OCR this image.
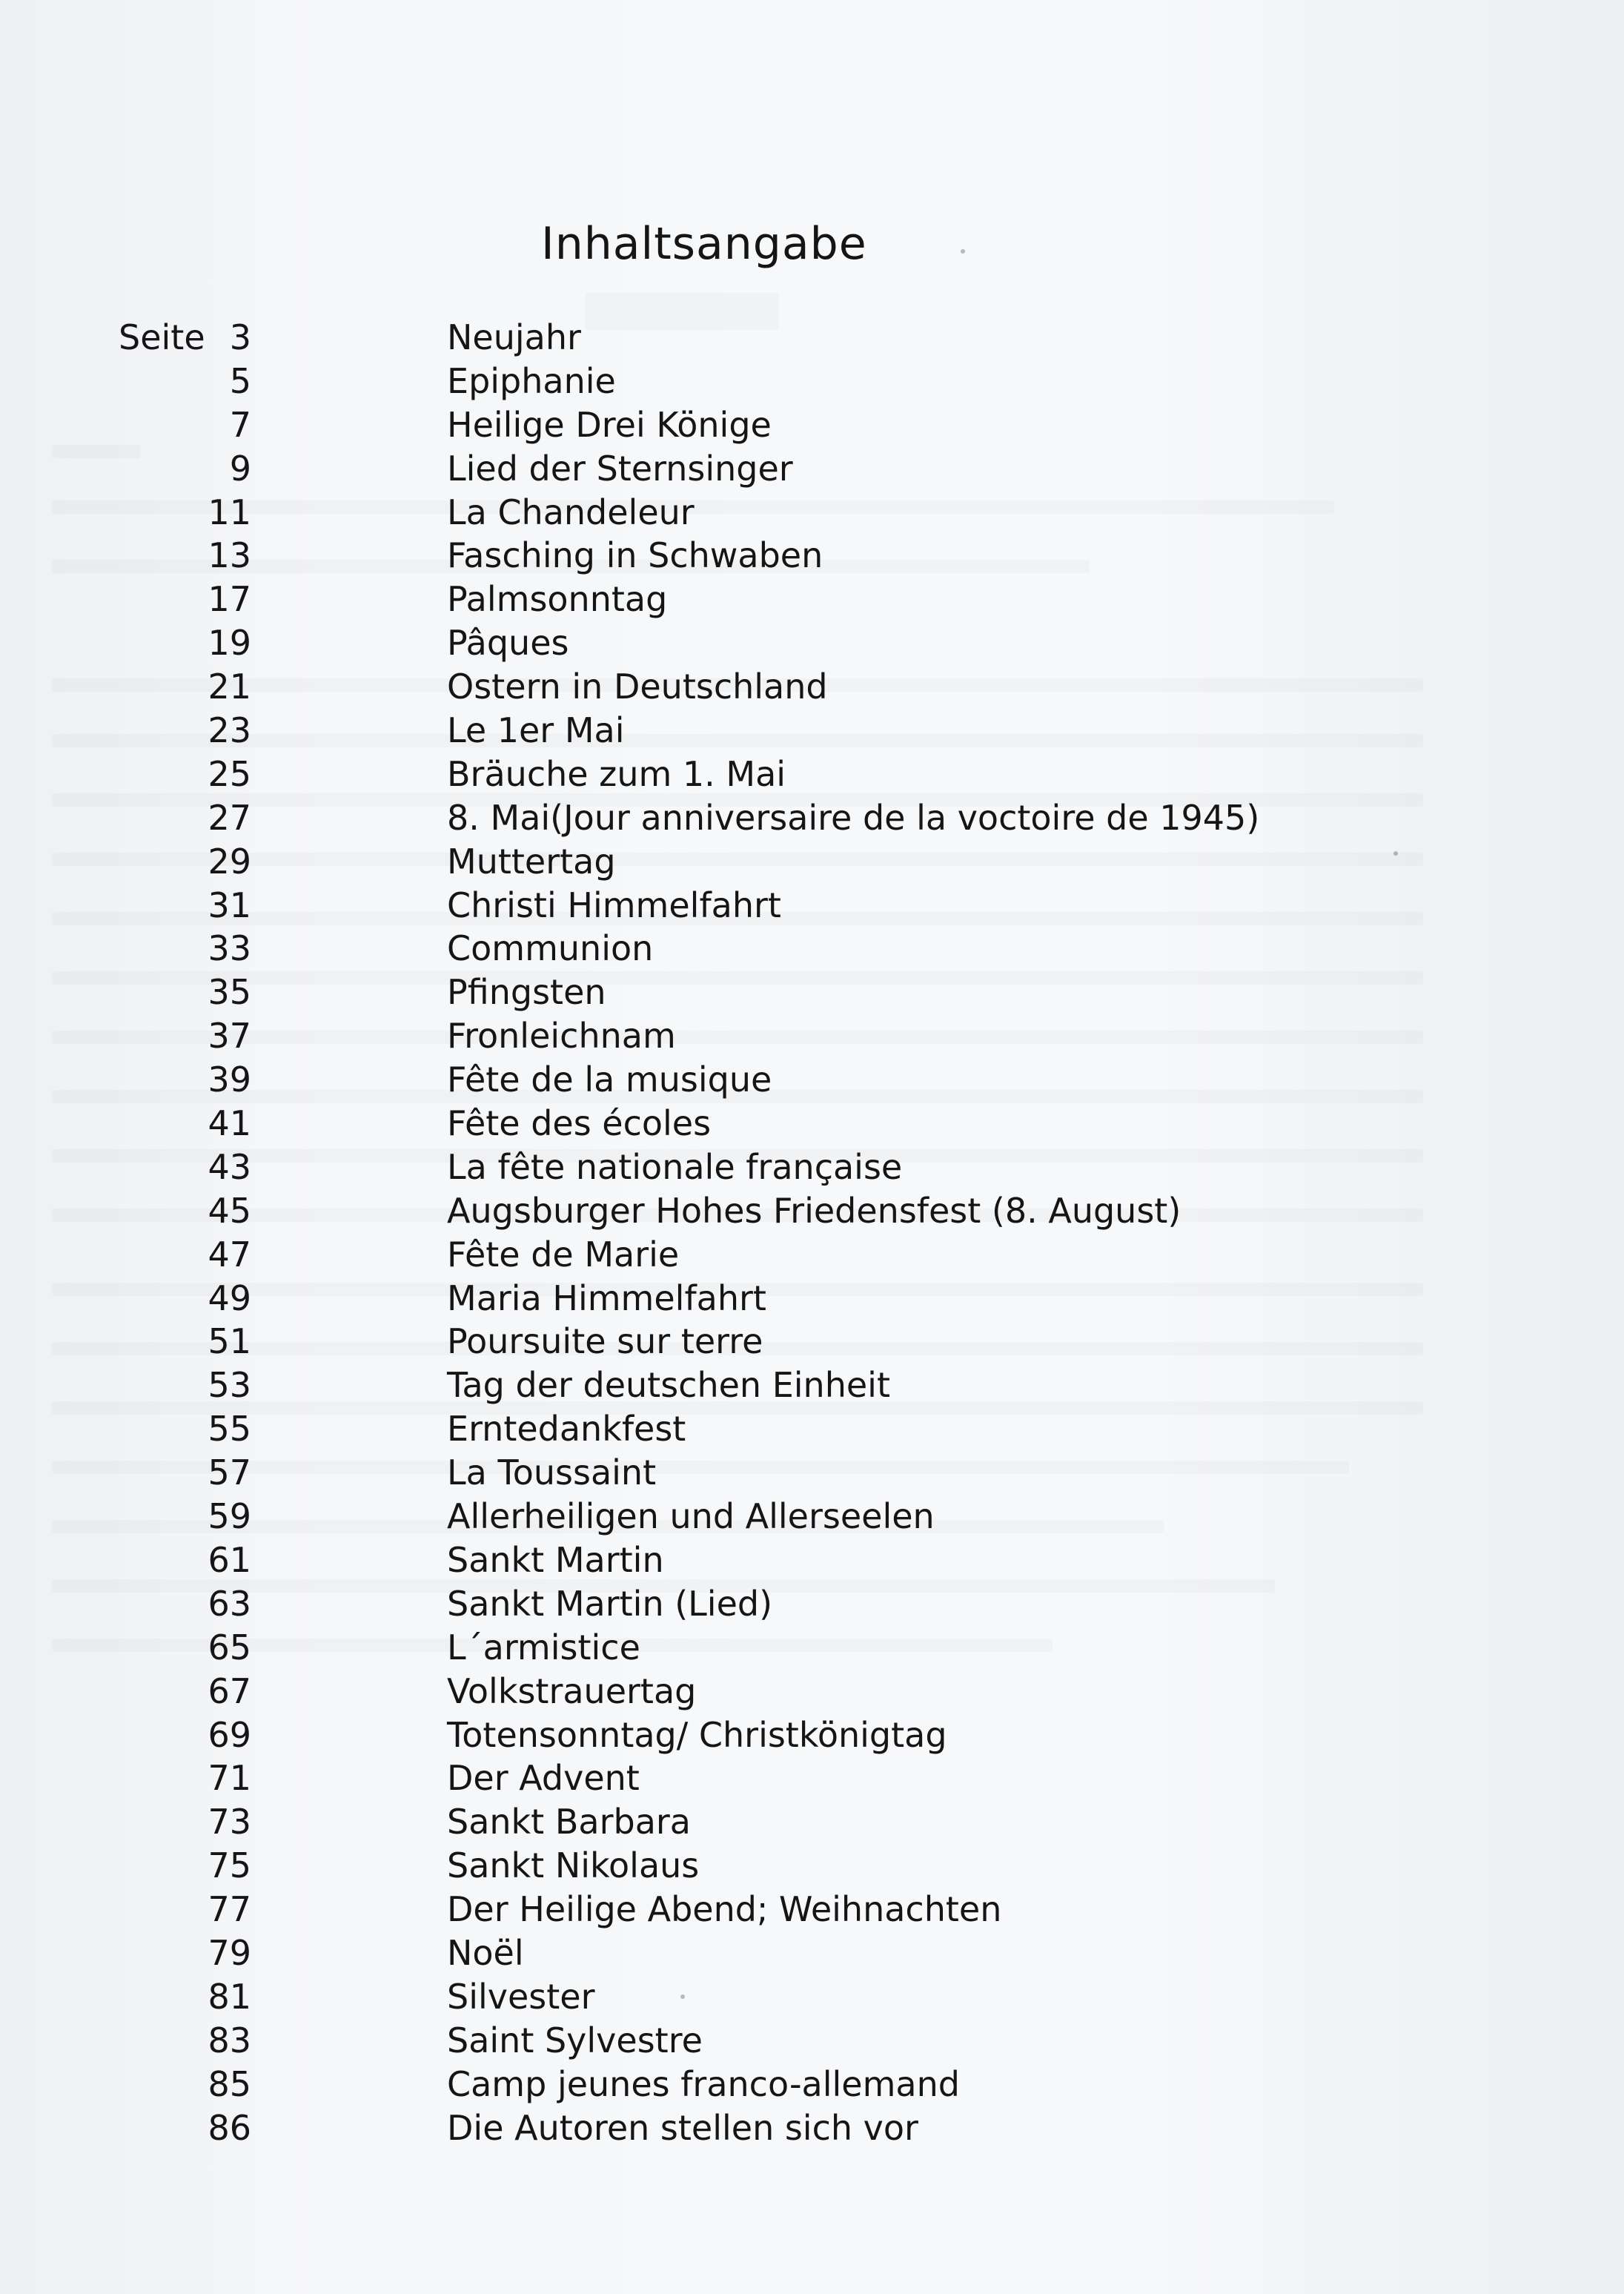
Inhaltsangabe
Seite 3	Neujahr
5	Epiphanie
7	Heilige Drei Könige
9	Lied der Sternsinger
11	La Chandeleur
13	Fasching in Schwaben
17	Palmsonntag
19	Pâques
21	Ostern in Deutschland
23	Le 1er Mai
25	Bräuche zum 1. Mai
27	8. Mai(Jour anniversaire de la voctoire de 1945)
29	Muttertag
31	Christi Himmelfahrt
33	Communion
35	Pfingsten
37	Fronleichnam
39	Fête de la musique
41	Fête des écoles
43	La fête nationale française
45	Augsburger Hohes Friedensfest (8. August)
47	Fête de Marie
49	Maria Himmelfahrt
51	Poursuite sur terre
53	Tag der deutschen Einheit
55	Erntedankfest
57	La Toussaint
59	Allerheiligen und Allerseelen
61	Sankt Martin
63	Sankt Martin (Lied)
65	L´armistice
67	Volkstrauertag
69	Totensonntag/ Christkönigtag
71	Der Advent
73	Sankt Barbara
75	Sankt Nikolaus
77	Der Heilige Abend; Weihnachten
79	Noël
81	Silvester
83	Saint Sylvestre
85	Camp jeunes franco-allemand
86	Die Autoren stellen sich vor
